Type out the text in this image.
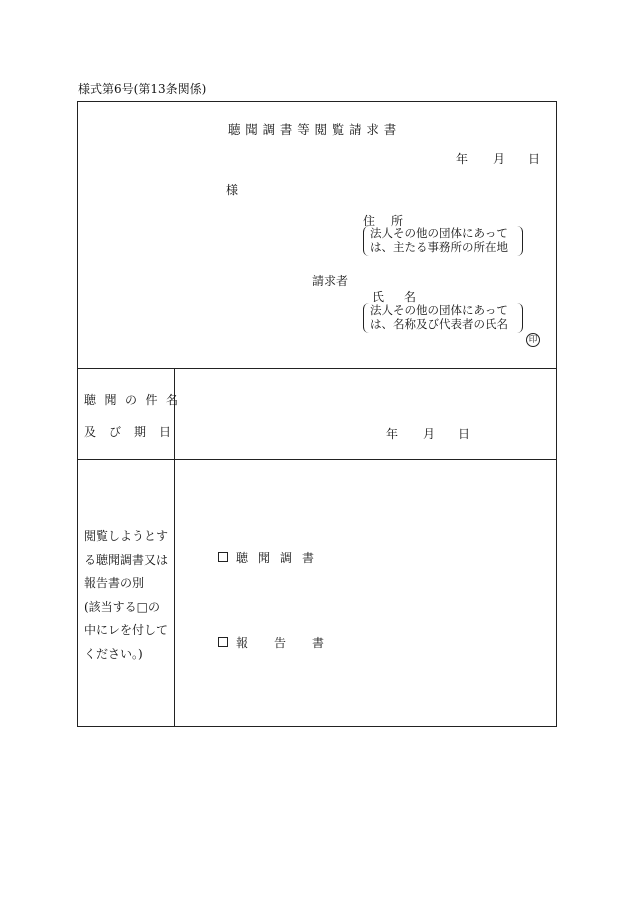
様式第6号(第13条関係)
聴聞調書等閲覧請求書
年 月 日
様
住　所
法人その他の団体にあって
は、主たる事務所の所在地
請求者
氏　名
法人その他の団体にあって
は、名称及び代表者の氏名
印
聴聞の件名
及び期日	年 月 日
閲覧しようとす
る聴聞調書又は
報告書の別
(該当する□の
中にレを付して
ください。)
聴聞調書
報告書
